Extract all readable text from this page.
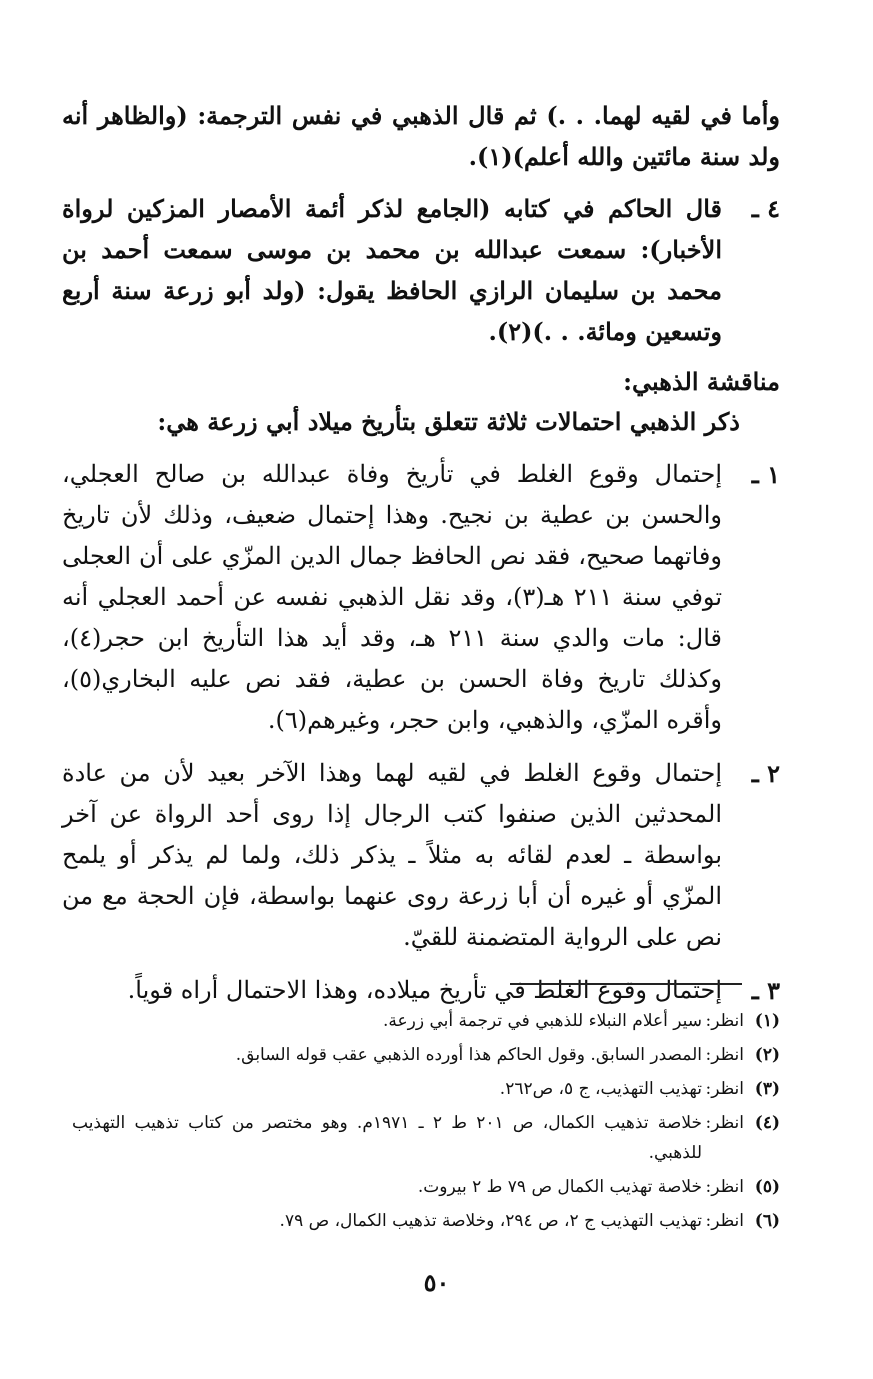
وأما في لقيه لهما. . .) ثم قال الذهبي في نفس الترجمة: (والظاهر أنه ولد سنة مائتين والله أعلم)(١).

٤ ـ
قال الحاكم في كتابه (الجامع لذكر أئمة الأمصار المزكين لرواة الأخبار): سمعت عبدالله بن محمد بن موسى سمعت أحمد بن محمد بن سليمان الرازي الحافظ يقول: (ولد أبو زرعة سنة أربع وتسعين ومائة. . .)(٢).
مناقشة الذهبي:
ذكر الذهبي احتمالات ثلاثة تتعلق بتأريخ ميلاد أبي زرعة هي:
١ ـ
إحتمال وقوع الغلط في تأريخ وفاة عبدالله بن صالح العجلي، والحسن بن عطية بن نجيح. وهذا إحتمال ضعيف، وذلك لأن تاريخ وفاتهما صحيح، فقد نص الحافظ جمال الدين المزّي على أن العجلى توفي سنة ٢١١ هـ(٣)، وقد نقل الذهبي نفسه عن أحمد العجلي أنه قال: مات والدي سنة ٢١١ هـ، وقد أيد هذا التأريخ ابن حجر(٤)، وكذلك تاريخ وفاة الحسن بن عطية، فقد نص عليه البخاري(٥)، وأقره المزّي، والذهبي، وابن حجر، وغيرهم(٦).
٢ ـ
إحتمال وقوع الغلط في لقيه لهما وهذا الآخر بعيد لأن من عادة المحدثين الذين صنفوا كتب الرجال إذا روى أحد الرواة عن آخر بواسطة ـ لعدم لقائه به مثلاً ـ يذكر ذلك، ولما لم يذكر أو يلمح المزّي أو غيره أن أبا زرعة روى عنهما بواسطة، فإن الحجة مع من نص على الرواية المتضمنة للقيّ.
٣ ـ
إحتمال وقوع الغلط في تأريخ ميلاده، وهذا الاحتمال أراه قوياً.
(١)
انظر:
سير أعلام النبلاء للذهبي في ترجمة أبي زرعة.
(٢)
انظر:
المصدر السابق. وقول الحاكم هذا أورده الذهبي عقب قوله السابق.
(٣)
انظر:
تهذيب التهذيب، ج ٥، ص٢٦٢.
(٤)
انظر:
خلاصة تذهيب الكمال، ص ٢٠١ ط ٢ ـ ١٩٧١م. وهو مختصر من كتاب تذهيب التهذيب للذهبي.
(٥)
انظر:
خلاصة تهذيب الكمال ص ٧٩ ط ٢ بيروت.
(٦)
انظر:
تهذيب التهذيب ج ٢، ص ٢٩٤، وخلاصة تذهيب الكمال، ص ٧٩.
٥٠
